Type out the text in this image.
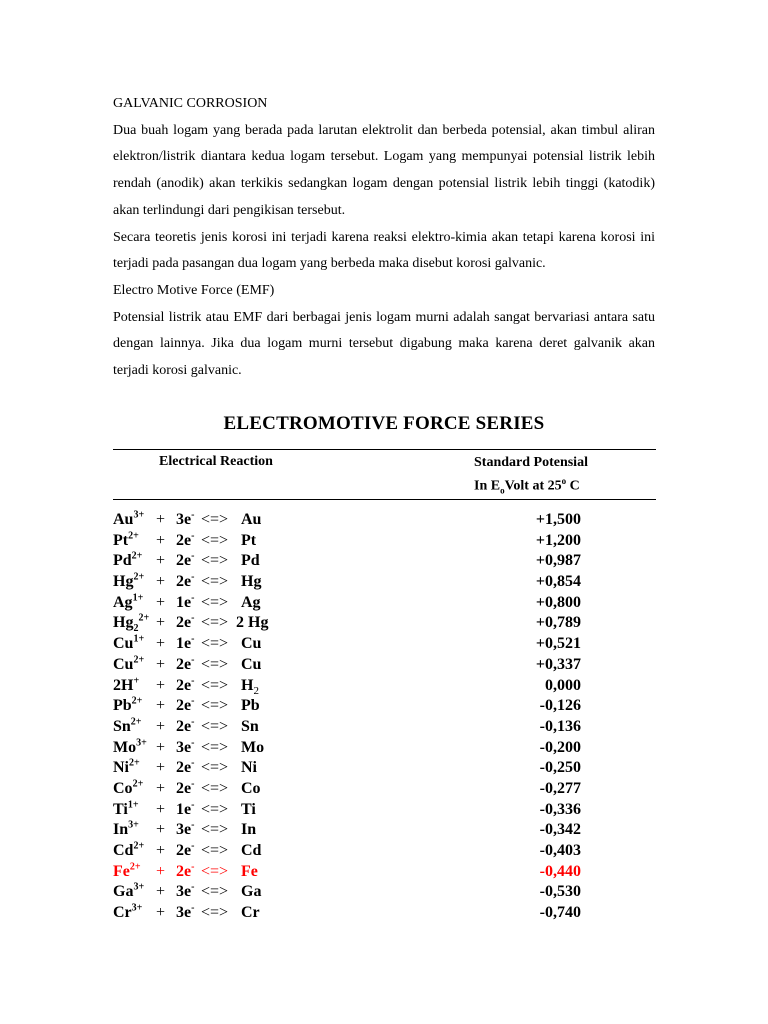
GALVANIC CORROSION

Dua buah logam yang berada pada larutan elektrolit dan berbeda potensial, akan timbul aliran elektron/listrik diantara kedua logam tersebut. Logam yang mempunyai potensial listrik lebih rendah (anodik) akan terkikis sedangkan logam dengan potensial listrik lebih tinggi (katodik) akan terlindungi dari pengikisan tersebut.

Secara teoretis jenis korosi ini terjadi karena reaksi elektro-kimia akan tetapi karena korosi ini terjadi pada pasangan dua logam yang berbeda maka disebut korosi galvanic.

Electro Motive Force (EMF)

Potensial listrik atau EMF dari berbagai jenis logam murni adalah sangat bervariasi antara satu dengan lainnya. Jika dua logam murni tersebut digabung maka karena deret galvanik akan terjadi korosi galvanic.

ELECTROMOTIVE FORCE SERIES
Electrical Reaction	Standard Potensial
In $E_oVolt$ at 25$^o$ C
$Au^{3+} + 3e^-$ <=> Au	+1,500
$Pt^{2+} + 2e^-$ <=> Pt	+1,200
$Pd^{2+} + 2e^-$ <=> Pd	+0,987
$Hg^{2+} + 2e^-$ <=> Hg	+0,854
$Ag^{1+} + 1e^-$ <=> Ag	+0,800
$Hg_2^{2+} + 2e^-$ <=> 2 Hg	+0,789
$Cu^{1+} + 1e^-$ <=> Cu	+0,521
$Cu^{2+} + 2e^-$ <=> Cu	+0,337
2H+ + 2e- <=> $H_2$	0,000
$Pb^{2+} + 2e^-$ <=> Pb	-0,126
$Sn^{2+} + 2e^-$ <=> Sn	-0,136
$Mo^{3+} + 3e^-$ <=> Mo	-0,200
$Ni^{2+} + 2e^-$ <=> Ni	-0,250
$Co^{2+} + 2e^-$ <=> Co	-0,277
$Ti^{1+} + 1e^-$ <=> Ti	-0,336
$In^{3+} + 3e^-$ <=> In	-0,342
$Cd^{2+} + 2e^-$ <=> Cd	-0,403
$Fe^{2+} + 2e^-$ <=> Fe	-0,440
$Ga^{3+} + 3e^-$ <=> Ga	-0,530
$Cr^{3+} + 3e^-$ <=> Cr	-0,740
